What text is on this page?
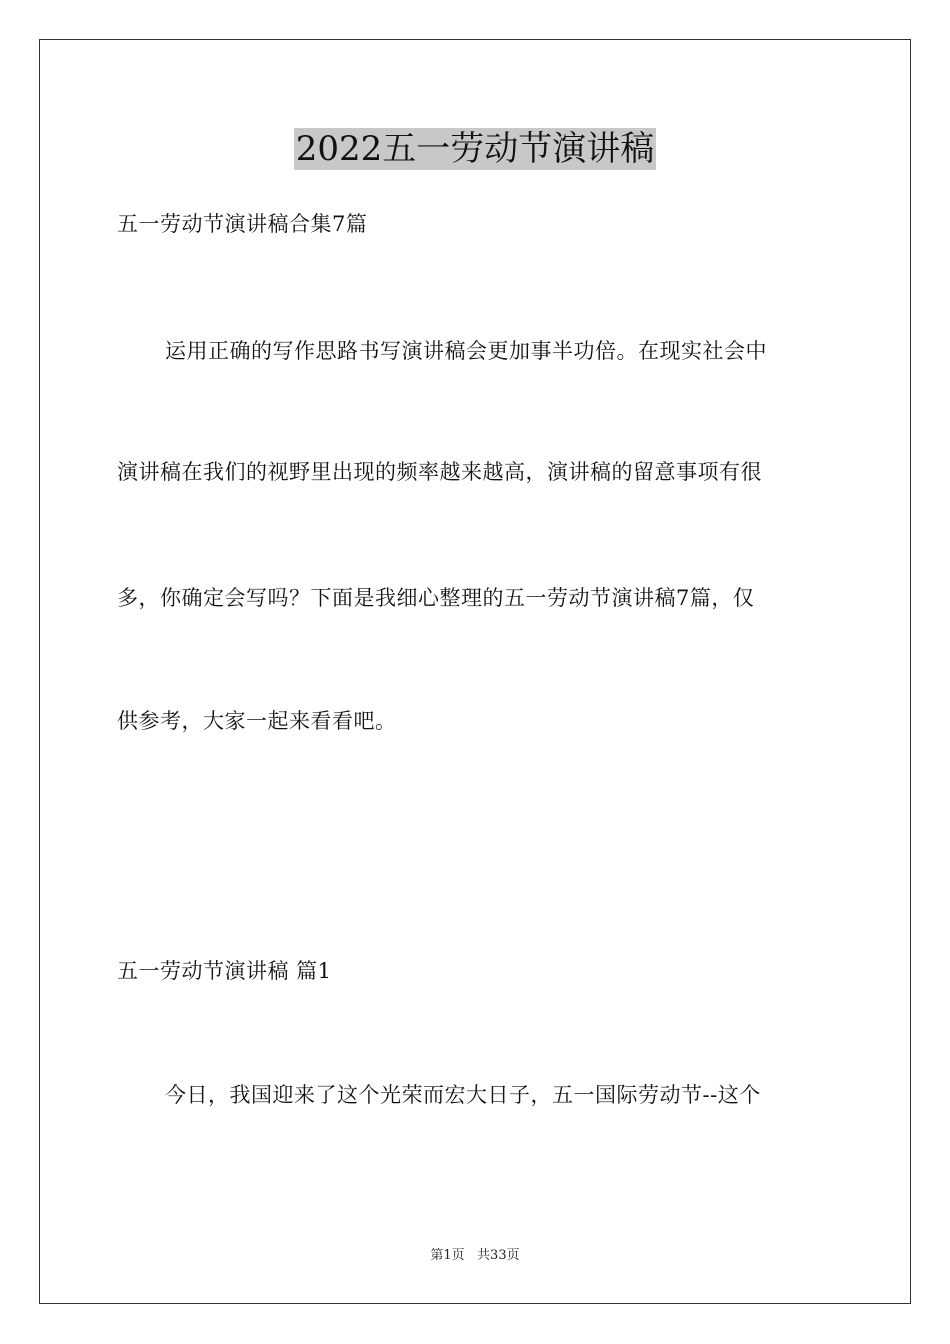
2022五一劳动节演讲稿
五一劳动节演讲稿合集7篇
运用正确的写作思路书写演讲稿会更加事半功倍。在现实社会中
演讲稿在我们的视野里出现的频率越来越高，演讲稿的留意事项有很
多，你确定会写吗？下面是我细心整理的五一劳动节演讲稿7篇，仅
供参考，大家一起来看看吧。
五一劳动节演讲稿 篇1
今日，我国迎来了这个光荣而宏大日子，五一国际劳动节--这个
第1页   共33页
